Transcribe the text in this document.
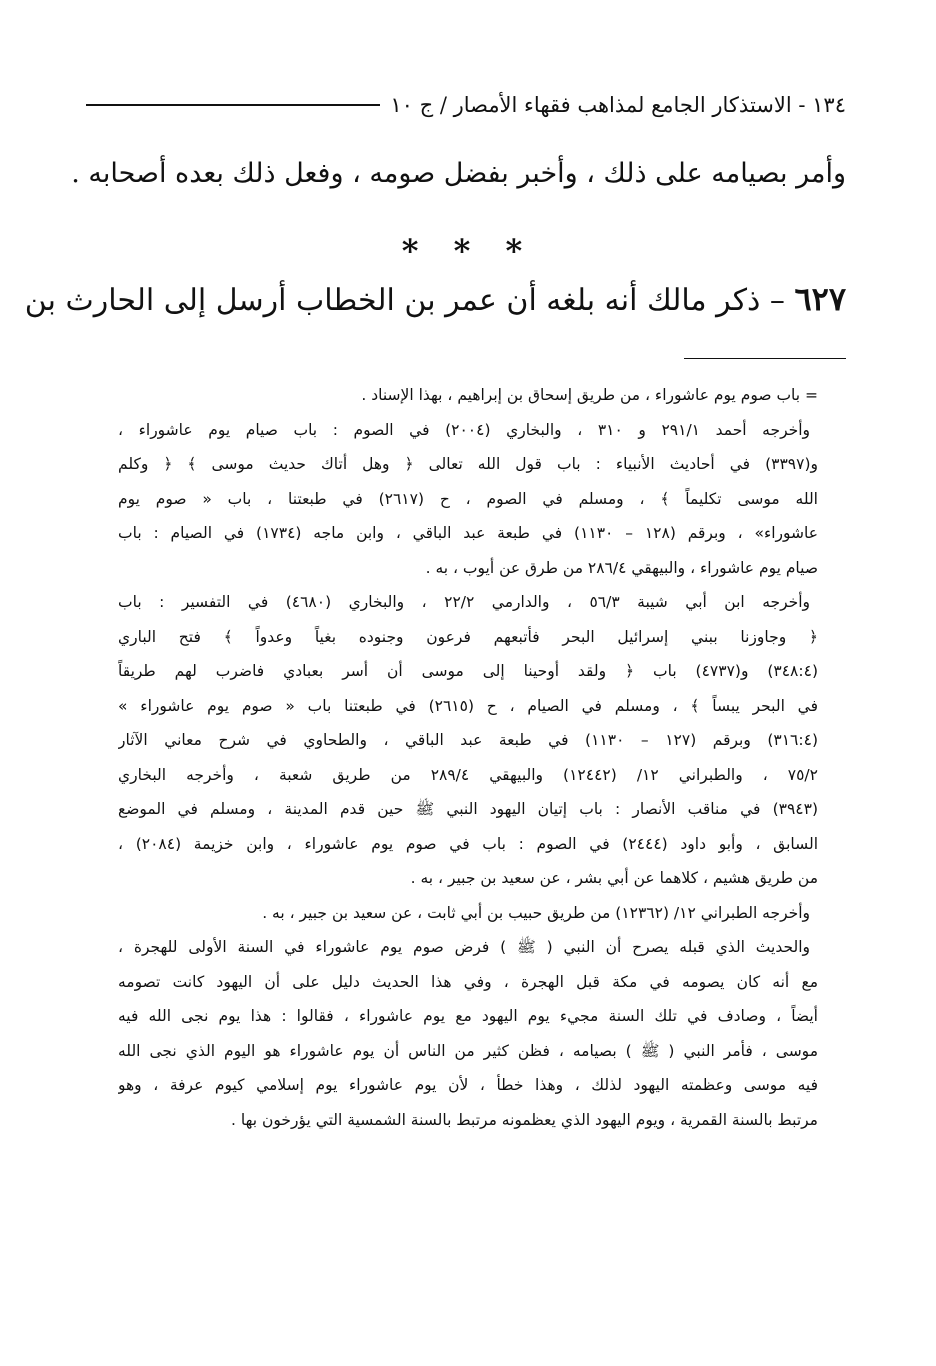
١٣٤ - الاستذكار الجامع لمذاهب فقهاء الأمصار / ج ١٠
وأمر بصيامه على ذلك ، وأخبر بفضل صومه ، وفعل ذلك بعده أصحابه .
* * *
٦٢٧ – ذكر مالك أنه بلغه أن عمر بن الخطاب أرسل إلى الحارث بن
= باب صوم يوم عاشوراء ، من طريق إسحاق بن إبراهيم ، بهذا الإسناد .
وأخرجه أحمد ٢٩١/١ و ٣١٠ ، والبخاري (٢٠٠٤) في الصوم : باب صيام يوم عاشوراء ،
و(٣٣٩٧) في أحاديث الأنبياء : باب قول الله تعالى ﴿ وهل أتاك حديث موسى ﴾ ﴿ وكلم
الله موسى تكليماً ﴾ ، ومسلم في الصوم ، ح (٢٦١٧) في طبعتنا ، باب « صوم يوم
عاشوراء» ، وبرقم (١٢٨ – ١١٣٠) في طبعة عبد الباقي ، وابن ماجه (١٧٣٤) في الصيام : باب
صيام يوم عاشوراء ، والبيهقي ٢٨٦/٤ من طرق عن أيوب ، به .
وأخرجه ابن أبي شيبة ٥٦/٣ ، والدارمي ٢٢/٢ ، والبخاري (٤٦٨٠) في التفسير : باب
﴿ وجاوزنا ببني إسرائيل البحر فأتبعهم فرعون وجنوده بغياً وعدواً ﴾ فتح الباري
(٣٤٨:٤) و(٤٧٣٧) باب ﴿ ولقد أوحينا إلى موسى أن أسر بعبادي فاضرب لهم طريقاً
في البحر يبساً ﴾ ، ومسلم في الصيام ، ح (٢٦١٥) في طبعتنا باب « صوم يوم عاشوراء »
(٣١٦:٤) وبرقم (١٢٧ – ١١٣٠) في طبعة عبد الباقي ، والطحاوي في شرح معاني الآثار
٧٥/٢ ، والطبراني ١٢/ (١٢٤٤٢) والبيهقي ٢٨٩/٤ من طريق شعبة ، وأخرجه البخاري
(٣٩٤٣) في مناقب الأنصار : باب إتيان اليهود النبي ﷺ حين قدم المدينة ، ومسلم في الموضع
السابق ، وأبو داود (٢٤٤٤) في الصوم : باب في صوم يوم عاشوراء ، وابن خزيمة (٢٠٨٤) ،
من طريق هشيم ، كلاهما عن أبي بشر ، عن سعيد بن جبير ، به .
وأخرجه الطبراني ١٢/ (١٢٣٦٢) من طريق حبيب بن أبي ثابت ، عن سعيد بن جبير ، به .
والحديث الذي قبله يصرح أن النبي ( ﷺ ) فرض صوم يوم عاشوراء في السنة الأولى للهجرة ،
مع أنه كان يصومه في مكة قبل الهجرة ، وفي هذا الحديث دليل على أن اليهود كانت تصومه
أيضاً ، وصادف في تلك السنة مجيء يوم اليهود مع يوم عاشوراء ، فقالوا : هذا يوم نجى الله فيه
موسى ، فأمر النبي ( ﷺ ) بصيامه ، فظن كثير من الناس أن يوم عاشوراء هو اليوم الذي نجى الله
فيه موسى وعظمته اليهود لذلك ، وهذا خطأ ، لأن يوم عاشوراء يوم إسلامي كيوم عرفة ، وهو
مرتبط بالسنة القمرية ، ويوم اليهود الذي يعظمونه مرتبط بالسنة الشمسية التي يؤرخون بها .
